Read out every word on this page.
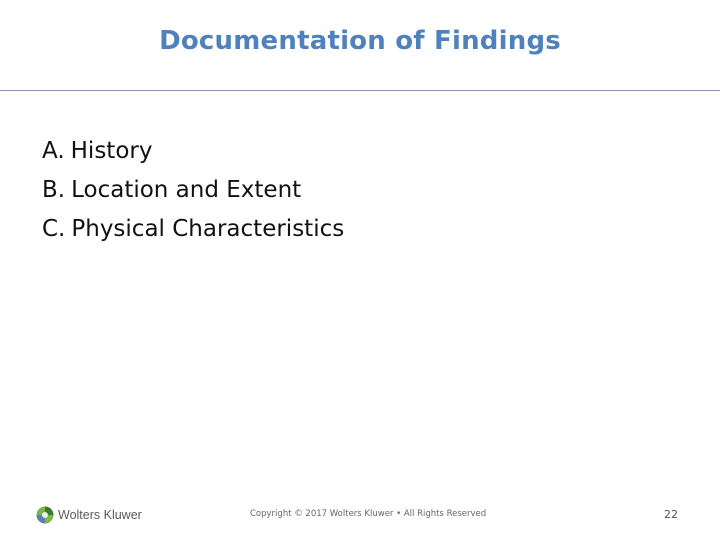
Documentation of Findings
A. History
B. Location and Extent
C. Physical Characteristics
Wolters Kluwer	Copyright © 2017 Wolters Kluwer • All Rights Reserved	22
